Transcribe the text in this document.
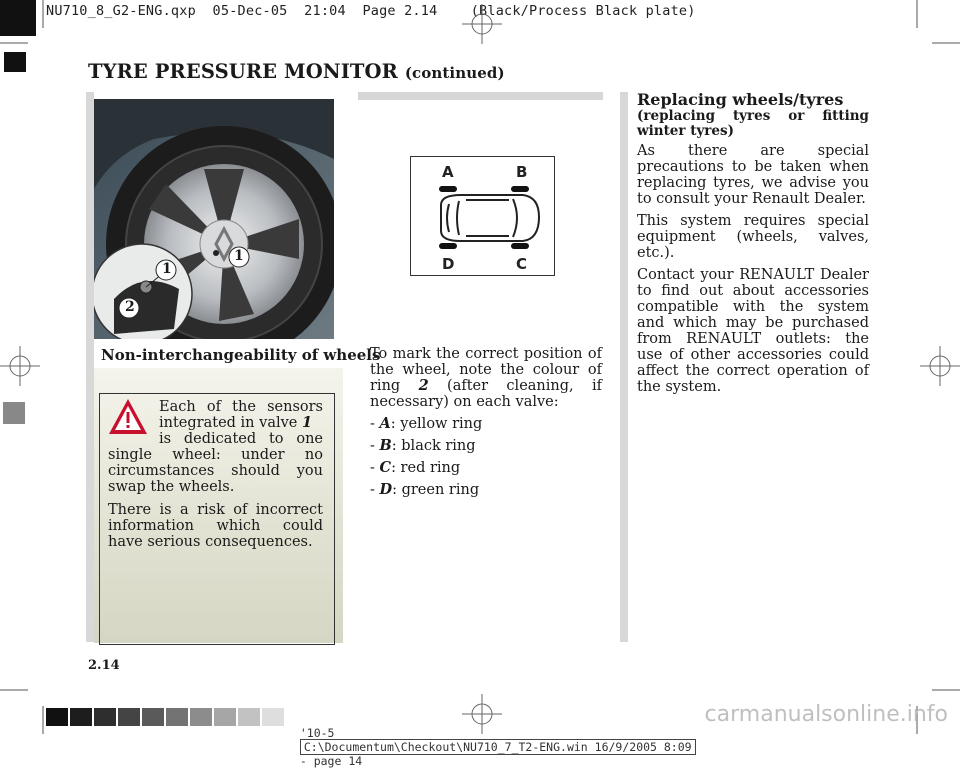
NU710_8_G2-ENG.qxp  05-Dec-05  21:04  Page 2.14    (Black/Process Black plate)
TYRE PRESSURE MONITOR (continued)
1
1
2
Non-interchangeability of wheels

Each of the sensors integrated in valve 1

is dedicated to one single wheel: under no circumstances should you swap the wheels.

There is a risk of incorrect information which could have serious consequences.

A	B
D	C

To mark the correct position of the wheel, note the colour of ring 2 (after cleaning, if necessary) on each valve:

- A: yellow ring
- B: black ring
- C: red ring
- D: green ring
Replacing wheels/tyres
(replacing tyres or fitting winter tyres)

As there are special precautions to be taken when replacing tyres, we advise you to consult your Renault Dealer.

This system requires special equipment (wheels, valves, etc.).

Contact your RENAULT Dealer to find out about accessories compatible with the system and which may be purchased from RENAULT outlets: the use of other accessories could affect the correct operation of the system.

2.14

'10-5
C:\Documentum\Checkout\NU710_7_T2-ENG.win 16/9/2005 8:09
- page 14

carmanualsonline.info
